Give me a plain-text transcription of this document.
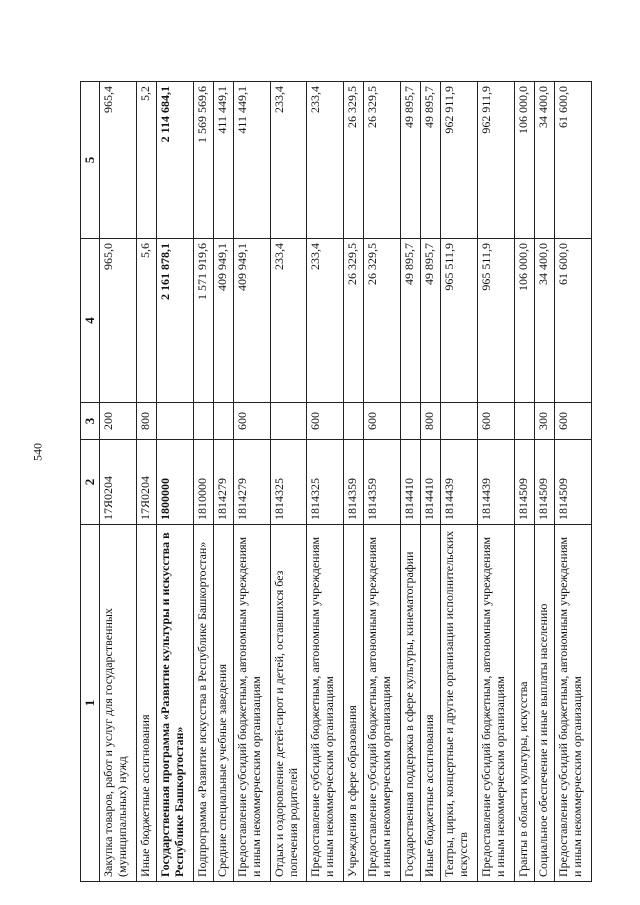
540
1	2	3	4	5
Закупка товаров, работ и услуг для государственных (муниципальных) нужд	17Я0204	200	965,0	965,4
Иные бюджетные ассигнования	17Я0204	800	5,6	5,2
Государственная программа «Развитие культуры и искусства в Республике Башкортостан»	1800000		2 161 878,1	2 114 684,1
Подпрограмма «Развитие искусства в Республике Башкортостан»	1810000		1 571 919,6	1 569 569,6
Средние специальные учебные заведения	1814279		409 949,1	411 449,1
Предоставление субсидий бюджетным, автономным учреждениям и иным некоммерческим организациям	1814279	600	409 949,1	411 449,1
Отдых и оздоровление детей-сирот и детей, оставшихся без попечения родителей	1814325		233,4	233,4
Предоставление субсидий бюджетным, автономным учреждениям и иным некоммерческим организациям	1814325	600	233,4	233,4
Учреждения в сфере образования	1814359		26 329,5	26 329,5
Предоставление субсидий бюджетным, автономным учреждениям и иным некоммерческим организациям	1814359	600	26 329,5	26 329,5
Государственная поддержка в сфере культуры, кинематографии	1814410		49 895,7	49 895,7
Иные бюджетные ассигнования	1814410	800	49 895,7	49 895,7
Театры, цирки, концертные и другие организации исполнительских искусств	1814439		965 511,9	962 911,9
Предоставление субсидий бюджетным, автономным учреждениям и иным некоммерческим организациям	1814439	600	965 511,9	962 911,9
Гранты в области культуры, искусства	1814509		106 000,0	106 000,0
Социальное обеспечение и иные выплаты населению	1814509	300	34 400,0	34 400,0
Предоставление субсидий бюджетным, автономным учреждениям и иным некоммерческим организациям	1814509	600	61 600,0	61 600,0
